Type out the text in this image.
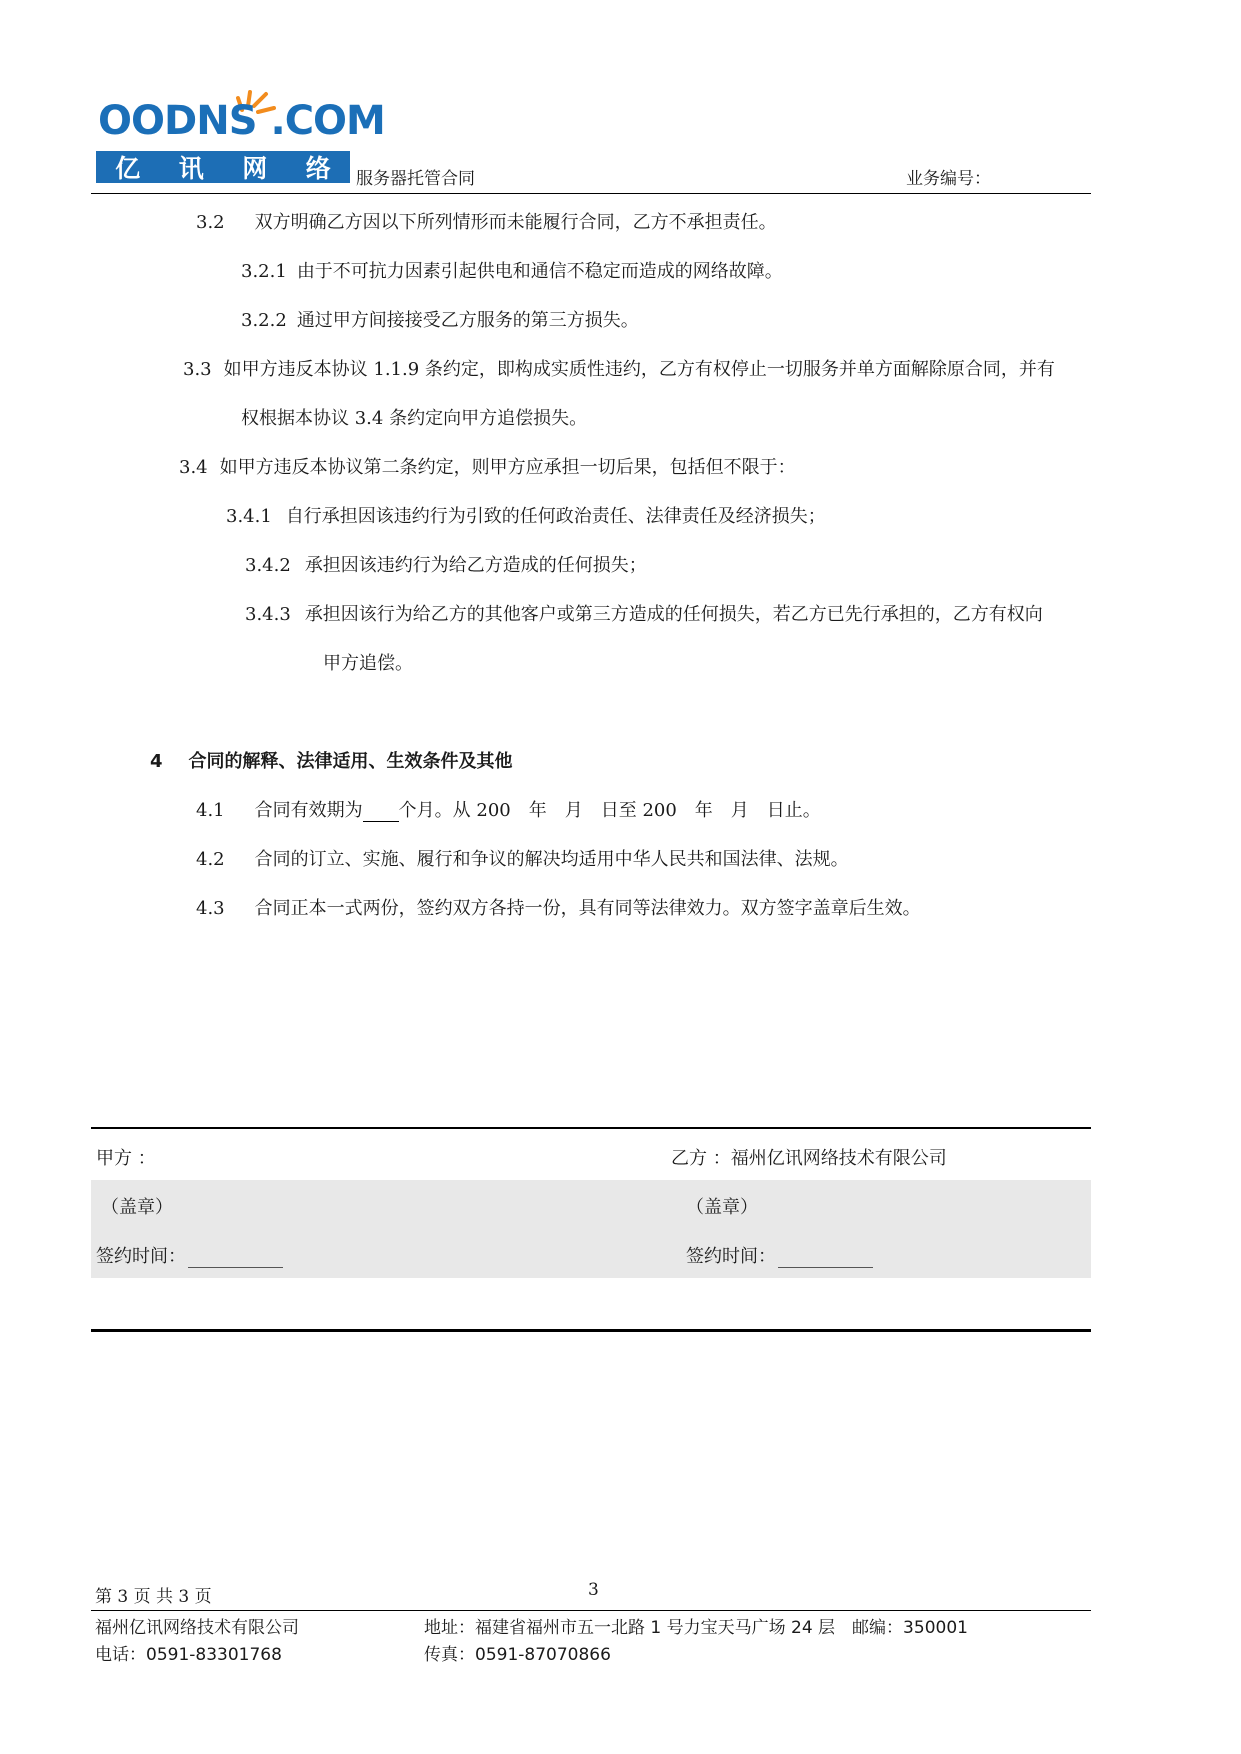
OODNS .COM
亿 讯 网 络 服务器托管合同	业务编号：
3.2 双方明确乙方因以下所列情形而未能履行合同，乙方不承担责任。
3.2.1 由于不可抗力因素引起供电和通信不稳定而造成的网络故障。
3.2.2 通过甲方间接接受乙方服务的第三方损失。
3.3 如甲方违反本协议 1.1.9 条约定，即构成实质性违约，乙方有权停止一切服务并单方面解除原合同，并有
权根据本协议 3.4 条约定向甲方追偿损失。
3.4 如甲方违反本协议第二条约定，则甲方应承担一切后果，包括但不限于：
3.4.1 自行承担因该违约行为引致的任何政治责任、法律责任及经济损失；
3.4.2 承担因该违约行为给乙方造成的任何损失；
3.4.3 承担因该行为给乙方的其他客户或第三方造成的任何损失，若乙方已先行承担的，乙方有权向
甲方追偿。
4 合同的解释、法律适用、生效条件及其他
4.1 合同有效期为 个月。从 200　年　月　日至 200　年　月　日止。
4.2 合同的订立、实施、履行和争议的解决均适用中华人民共和国法律、法规。
4.3 合同正本一式两份，签约双方各持一份，具有同等法律效力。双方签字盖章后生效。
甲方 ：	乙方 ：福州亿讯网络技术有限公司
（盖章）	（盖章）
签约时间：	签约时间：
第 3 页 共 3 页	3
福州亿讯网络技术有限公司	地址：福建省福州市五一北路 1 号力宝天马广场 24 层　邮编：350001
电话：0591-83301768	传真：0591-87070866
